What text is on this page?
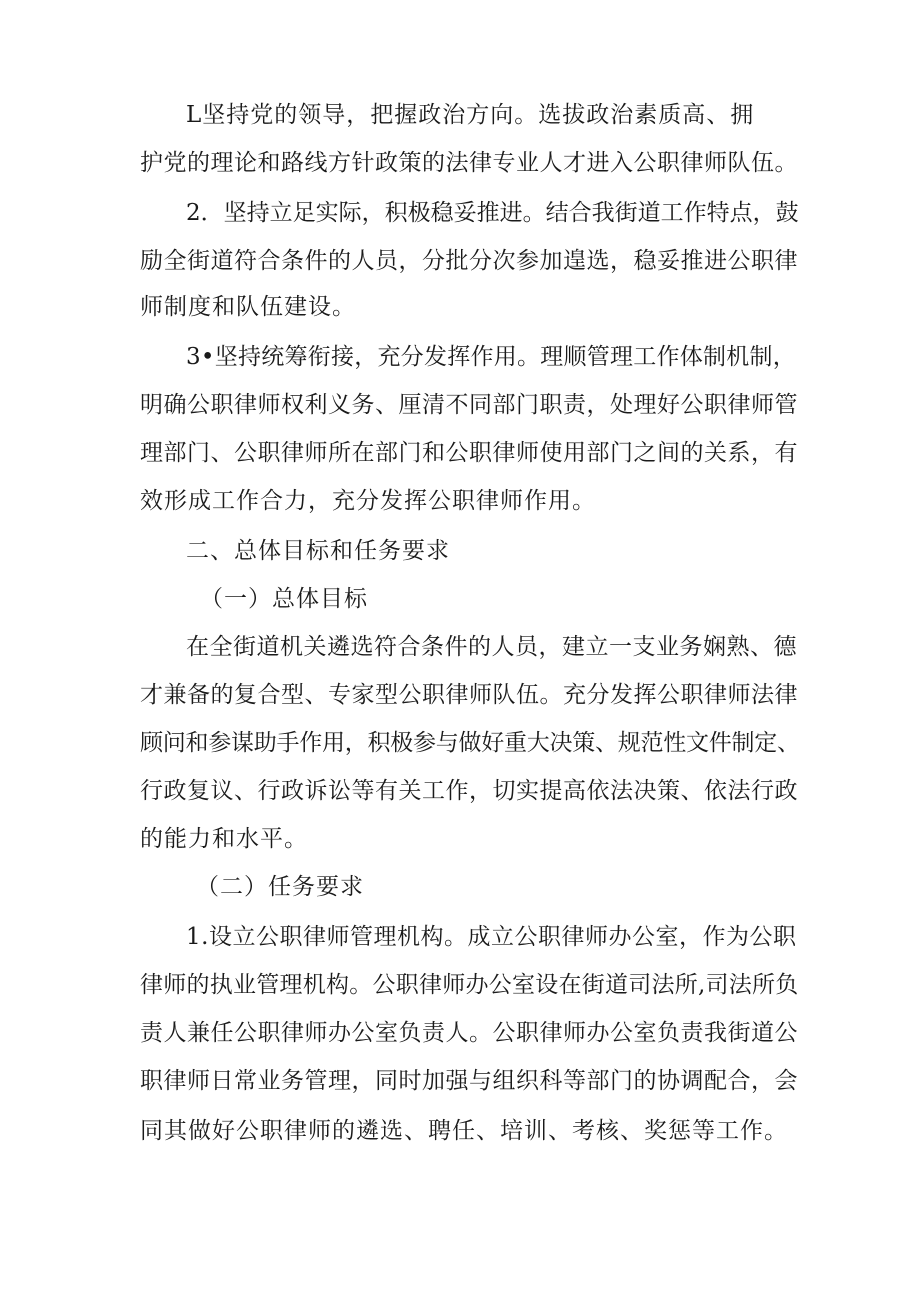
L坚持党的领导，把握政治方向。选拔政治素质高、拥
护党的理论和路线方针政策的法律专业人才进入公职律师队伍。
2．坚持立足实际，积极稳妥推进。结合我街道工作特点，鼓
励全街道符合条件的人员，分批分次参加遑选，稳妥推进公职律
师制度和队伍建设。
3•坚持统筹衔接，充分发挥作用。理顺管理工作体制机制，
明确公职律师权利义务、厘清不同部门职责，处理好公职律师管
理部门、公职律师所在部门和公职律师使用部门之间的关系，有
效形成工作合力，充分发挥公职律师作用。
二、总体目标和任务要求
（一）总体目标
在全街道机关遴选符合条件的人员，建立一支业务娴熟、德
才兼备的复合型、专家型公职律师队伍。充分发挥公职律师法律
顾问和参谋助手作用，积极参与做好重大决策、规范性文件制定、
行政复议、行政诉讼等有关工作，切实提高依法决策、依法行政
的能力和水平。
（二）任务要求
1.设立公职律师管理机构。成立公职律师办公室，作为公职
律师的执业管理机构。公职律师办公室设在街道司法所,司法所负
责人兼任公职律师办公室负责人。公职律师办公室负责我街道公
职律师日常业务管理，同时加强与组织科等部门的协调配合，会
同其做好公职律师的遴选、聘任、培训、考核、奖惩等工作。
